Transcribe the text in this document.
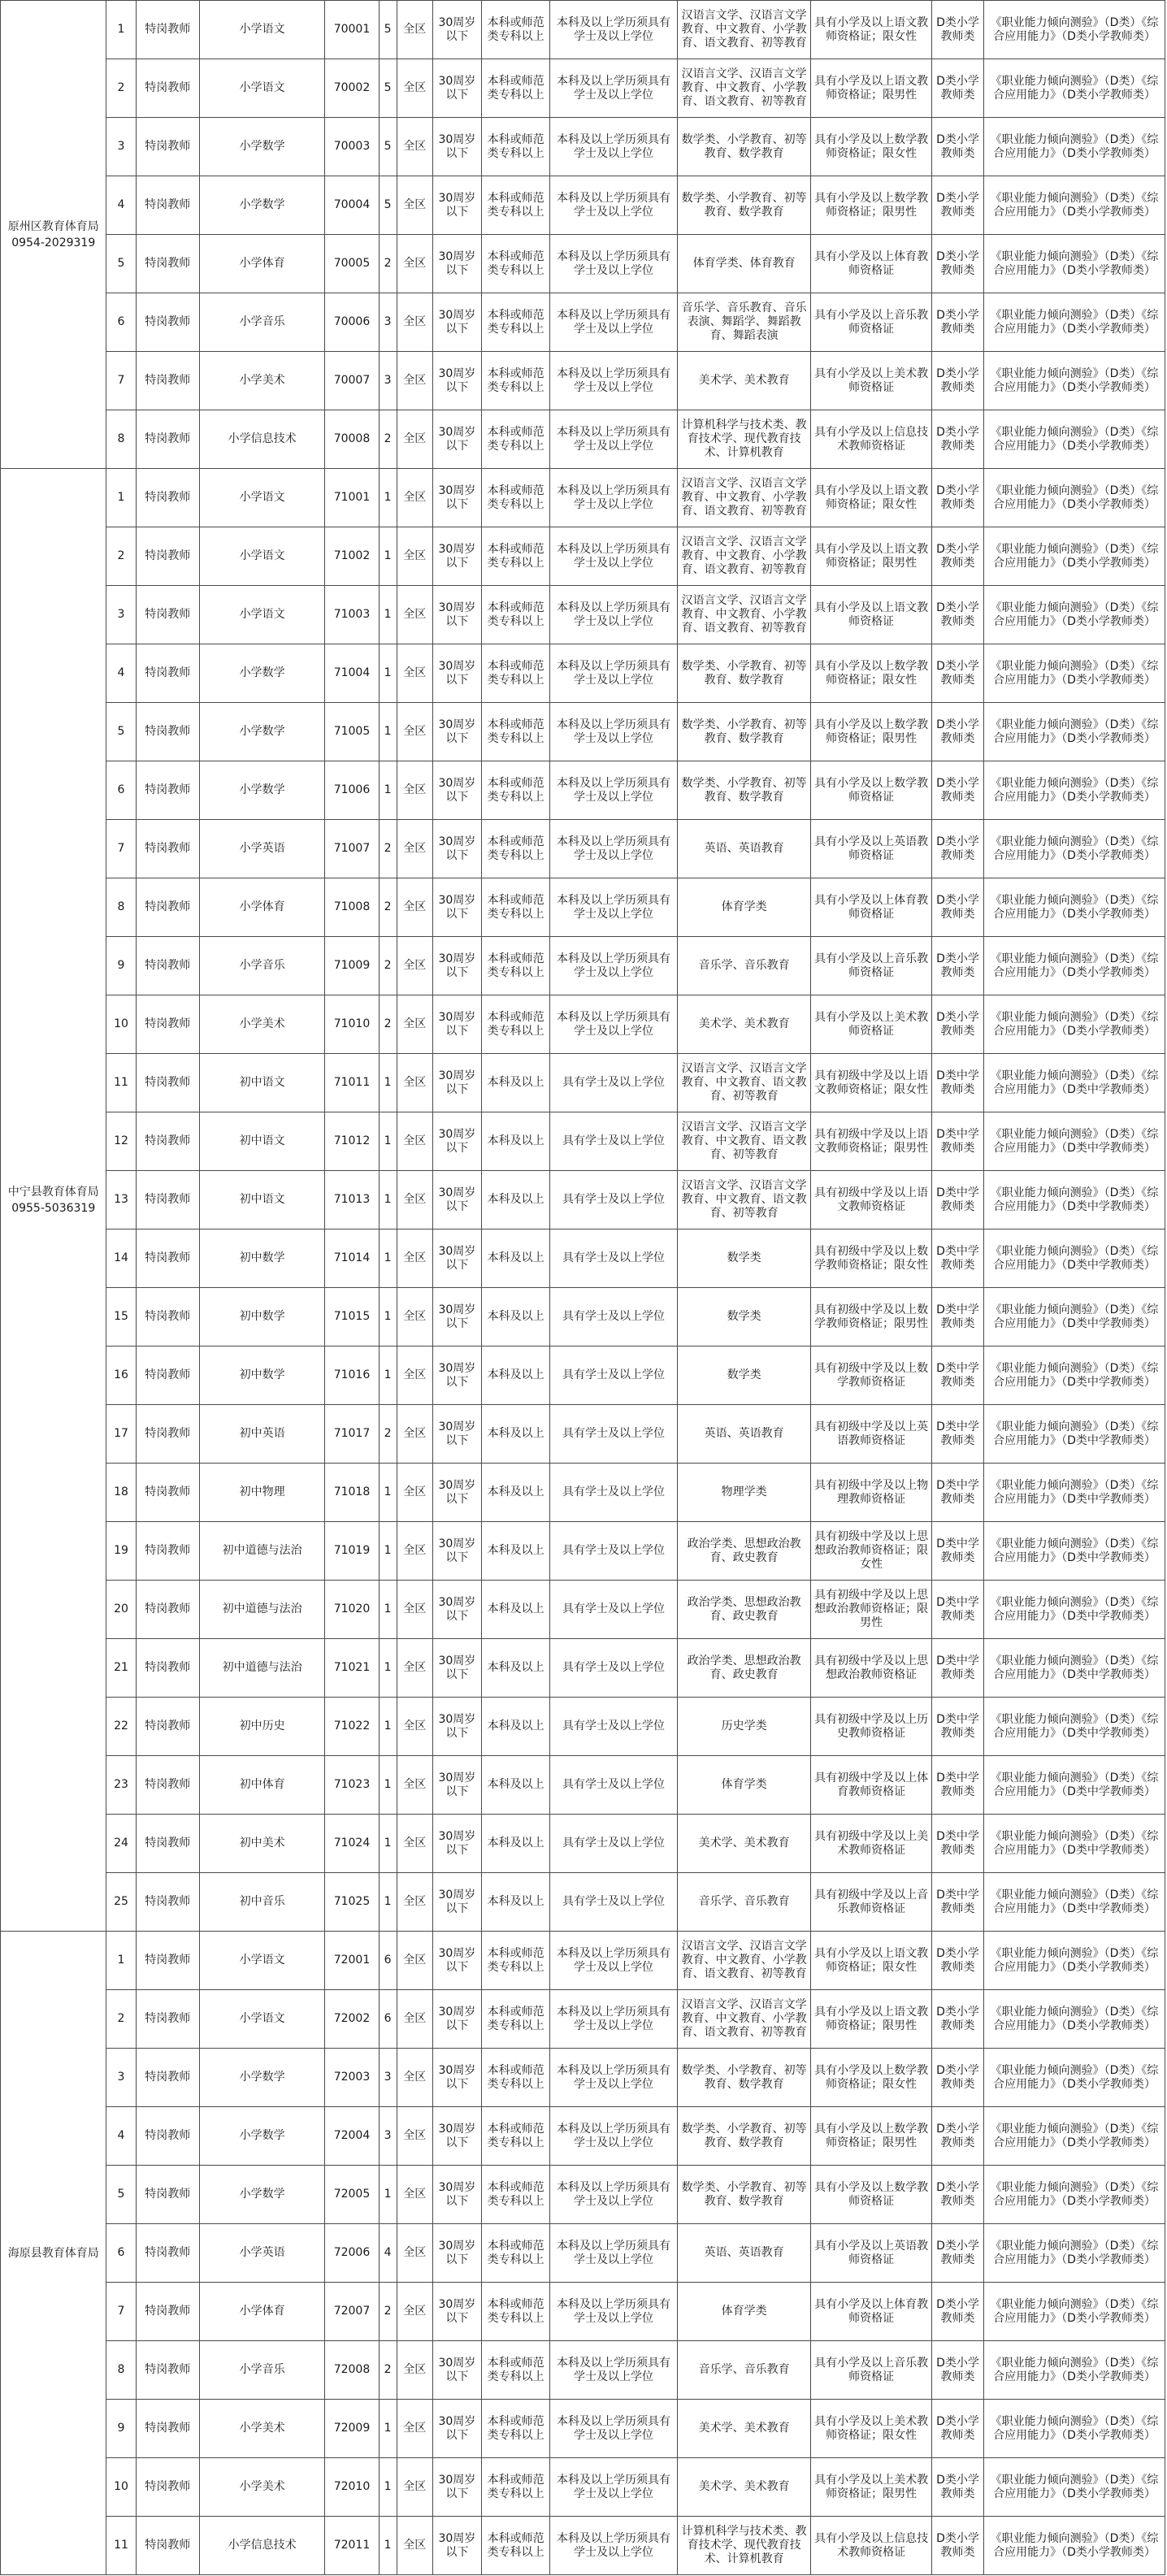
原州区教育体育局
0954-2029319	1	特岗教师	小学语文	70001	5	全区	30周岁以下	本科或师范类专科以上	本科及以上学历须具有学士及以上学位	汉语言文学、汉语言文学教育、中文教育、小学教育、语文教育、初等教育	具有小学及以上语文教师资格证；限女性	D类小学教师类	《职业能力倾向测验》（D类）《综合应用能力》（D类小学教师类）
	2	特岗教师	小学语文	70002	5	全区	30周岁以下	本科或师范类专科以上	本科及以上学历须具有学士及以上学位	汉语言文学、汉语言文学教育、中文教育、小学教育、语文教育、初等教育	具有小学及以上语文教师资格证；限男性	D类小学教师类	《职业能力倾向测验》（D类）《综合应用能力》（D类小学教师类）
	3	特岗教师	小学数学	70003	5	全区	30周岁以下	本科或师范类专科以上	本科及以上学历须具有学士及以上学位	数学类、小学教育、初等教育、数学教育	具有小学及以上数学教师资格证；限女性	D类小学教师类	《职业能力倾向测验》（D类）《综合应用能力》（D类小学教师类）
	4	特岗教师	小学数学	70004	5	全区	30周岁以下	本科或师范类专科以上	本科及以上学历须具有学士及以上学位	数学类、小学教育、初等教育、数学教育	具有小学及以上数学教师资格证；限男性	D类小学教师类	《职业能力倾向测验》（D类）《综合应用能力》（D类小学教师类）
	5	特岗教师	小学体育	70005	2	全区	30周岁以下	本科或师范类专科以上	本科及以上学历须具有学士及以上学位	体育学类、体育教育	具有小学及以上体育教师资格证	D类小学教师类	《职业能力倾向测验》（D类）《综合应用能力》（D类小学教师类）
	6	特岗教师	小学音乐	70006	3	全区	30周岁以下	本科或师范类专科以上	本科及以上学历须具有学士及以上学位	音乐学、音乐教育、音乐表演、舞蹈学、舞蹈教育、舞蹈表演	具有小学及以上音乐教师资格证	D类小学教师类	《职业能力倾向测验》（D类）《综合应用能力》（D类小学教师类）
	7	特岗教师	小学美术	70007	3	全区	30周岁以下	本科或师范类专科以上	本科及以上学历须具有学士及以上学位	美术学、美术教育	具有小学及以上美术教师资格证	D类小学教师类	《职业能力倾向测验》（D类）《综合应用能力》（D类小学教师类）
	8	特岗教师	小学信息技术	70008	2	全区	30周岁以下	本科或师范类专科以上	本科及以上学历须具有学士及以上学位	计算机科学与技术类、教育技术学、现代教育技术、计算机教育	具有小学及以上信息技术教师资格证	D类小学教师类	《职业能力倾向测验》（D类）《综合应用能力》（D类小学教师类）

中宁县教育体育局
0955-5036319	1	特岗教师	小学语文	71001	1	全区	30周岁以下	本科或师范类专科以上	本科及以上学历须具有学士及以上学位	汉语言文学、汉语言文学教育、中文教育、小学教育、语文教育、初等教育	具有小学及以上语文教师资格证；限女性	D类小学教师类	《职业能力倾向测验》（D类）《综合应用能力》（D类小学教师类）
	2	特岗教师	小学语文	71002	1	全区	30周岁以下	本科或师范类专科以上	本科及以上学历须具有学士及以上学位	汉语言文学、汉语言文学教育、中文教育、小学教育、语文教育、初等教育	具有小学及以上语文教师资格证；限男性	D类小学教师类	《职业能力倾向测验》（D类）《综合应用能力》（D类小学教师类）
	3	特岗教师	小学语文	71003	1	全区	30周岁以下	本科或师范类专科以上	本科及以上学历须具有学士及以上学位	汉语言文学、汉语言文学教育、中文教育、小学教育、语文教育、初等教育	具有小学及以上语文教师资格证	D类小学教师类	《职业能力倾向测验》（D类）《综合应用能力》（D类小学教师类）
	4	特岗教师	小学数学	71004	1	全区	30周岁以下	本科或师范类专科以上	本科及以上学历须具有学士及以上学位	数学类、小学教育、初等教育、数学教育	具有小学及以上数学教师资格证；限女性	D类小学教师类	《职业能力倾向测验》（D类）《综合应用能力》（D类小学教师类）
	5	特岗教师	小学数学	71005	1	全区	30周岁以下	本科或师范类专科以上	本科及以上学历须具有学士及以上学位	数学类、小学教育、初等教育、数学教育	具有小学及以上数学教师资格证；限男性	D类小学教师类	《职业能力倾向测验》（D类）《综合应用能力》（D类小学教师类）
	6	特岗教师	小学数学	71006	1	全区	30周岁以下	本科或师范类专科以上	本科及以上学历须具有学士及以上学位	数学类、小学教育、初等教育、数学教育	具有小学及以上数学教师资格证	D类小学教师类	《职业能力倾向测验》（D类）《综合应用能力》（D类小学教师类）
	7	特岗教师	小学英语	71007	2	全区	30周岁以下	本科或师范类专科以上	本科及以上学历须具有学士及以上学位	英语、英语教育	具有小学及以上英语教师资格证	D类小学教师类	《职业能力倾向测验》（D类）《综合应用能力》（D类小学教师类）
	8	特岗教师	小学体育	71008	2	全区	30周岁以下	本科或师范类专科以上	本科及以上学历须具有学士及以上学位	体育学类	具有小学及以上体育教师资格证	D类小学教师类	《职业能力倾向测验》（D类）《综合应用能力》（D类小学教师类）
	9	特岗教师	小学音乐	71009	2	全区	30周岁以下	本科或师范类专科以上	本科及以上学历须具有学士及以上学位	音乐学、音乐教育	具有小学及以上音乐教师资格证	D类小学教师类	《职业能力倾向测验》（D类）《综合应用能力》（D类小学教师类）
	10	特岗教师	小学美术	71010	2	全区	30周岁以下	本科或师范类专科以上	本科及以上学历须具有学士及以上学位	美术学、美术教育	具有小学及以上美术教师资格证	D类小学教师类	《职业能力倾向测验》（D类）《综合应用能力》（D类小学教师类）
	11	特岗教师	初中语文	71011	1	全区	30周岁以下	本科及以上	具有学士及以上学位	汉语言文学、汉语言文学教育、中文教育、语文教育、初等教育	具有初级中学及以上语文教师资格证；限女性	D类中学教师类	《职业能力倾向测验》（D类）《综合应用能力》（D类中学教师类）
	12	特岗教师	初中语文	71012	1	全区	30周岁以下	本科及以上	具有学士及以上学位	汉语言文学、汉语言文学教育、中文教育、语文教育、初等教育	具有初级中学及以上语文教师资格证；限男性	D类中学教师类	《职业能力倾向测验》（D类）《综合应用能力》（D类中学教师类）
	13	特岗教师	初中语文	71013	1	全区	30周岁以下	本科及以上	具有学士及以上学位	汉语言文学、汉语言文学教育、中文教育、语文教育、初等教育	具有初级中学及以上语文教师资格证	D类中学教师类	《职业能力倾向测验》（D类）《综合应用能力》（D类中学教师类）
	14	特岗教师	初中数学	71014	1	全区	30周岁以下	本科及以上	具有学士及以上学位	数学类	具有初级中学及以上数学教师资格证；限女性	D类中学教师类	《职业能力倾向测验》（D类）《综合应用能力》（D类中学教师类）
	15	特岗教师	初中数学	71015	1	全区	30周岁以下	本科及以上	具有学士及以上学位	数学类	具有初级中学及以上数学教师资格证；限男性	D类中学教师类	《职业能力倾向测验》（D类）《综合应用能力》（D类中学教师类）
	16	特岗教师	初中数学	71016	1	全区	30周岁以下	本科及以上	具有学士及以上学位	数学类	具有初级中学及以上数学教师资格证	D类中学教师类	《职业能力倾向测验》（D类）《综合应用能力》（D类中学教师类）
	17	特岗教师	初中英语	71017	2	全区	30周岁以下	本科及以上	具有学士及以上学位	英语、英语教育	具有初级中学及以上英语教师资格证	D类中学教师类	《职业能力倾向测验》（D类）《综合应用能力》（D类中学教师类）
	18	特岗教师	初中物理	71018	1	全区	30周岁以下	本科及以上	具有学士及以上学位	物理学类	具有初级中学及以上物理教师资格证	D类中学教师类	《职业能力倾向测验》（D类）《综合应用能力》（D类中学教师类）
	19	特岗教师	初中道德与法治	71019	1	全区	30周岁以下	本科及以上	具有学士及以上学位	政治学类、思想政治教育、政史教育	具有初级中学及以上思想政治教师资格证；限女性	D类中学教师类	《职业能力倾向测验》（D类）《综合应用能力》（D类中学教师类）
	20	特岗教师	初中道德与法治	71020	1	全区	30周岁以下	本科及以上	具有学士及以上学位	政治学类、思想政治教育、政史教育	具有初级中学及以上思想政治教师资格证；限男性	D类中学教师类	《职业能力倾向测验》（D类）《综合应用能力》（D类中学教师类）
	21	特岗教师	初中道德与法治	71021	1	全区	30周岁以下	本科及以上	具有学士及以上学位	政治学类、思想政治教育、政史教育	具有初级中学及以上思想政治教师资格证	D类中学教师类	《职业能力倾向测验》（D类）《综合应用能力》（D类中学教师类）
	22	特岗教师	初中历史	71022	1	全区	30周岁以下	本科及以上	具有学士及以上学位	历史学类	具有初级中学及以上历史教师资格证	D类中学教师类	《职业能力倾向测验》（D类）《综合应用能力》（D类中学教师类）
	23	特岗教师	初中体育	71023	1	全区	30周岁以下	本科及以上	具有学士及以上学位	体育学类	具有初级中学及以上体育教师资格证	D类中学教师类	《职业能力倾向测验》（D类）《综合应用能力》（D类中学教师类）
	24	特岗教师	初中美术	71024	1	全区	30周岁以下	本科及以上	具有学士及以上学位	美术学、美术教育	具有初级中学及以上美术教师资格证	D类中学教师类	《职业能力倾向测验》（D类）《综合应用能力》（D类中学教师类）
	25	特岗教师	初中音乐	71025	1	全区	30周岁以下	本科及以上	具有学士及以上学位	音乐学、音乐教育	具有初级中学及以上音乐教师资格证	D类中学教师类	《职业能力倾向测验》（D类）《综合应用能力》（D类中学教师类）

海原县教育体育局	1	特岗教师	小学语文	72001	6	全区	30周岁以下	本科或师范类专科以上	本科及以上学历须具有学士及以上学位	汉语言文学、汉语言文学教育、中文教育、小学教育、语文教育、初等教育	具有小学及以上语文教师资格证；限女性	D类小学教师类	《职业能力倾向测验》（D类）《综合应用能力》（D类小学教师类）
	2	特岗教师	小学语文	72002	6	全区	30周岁以下	本科或师范类专科以上	本科及以上学历须具有学士及以上学位	汉语言文学、汉语言文学教育、中文教育、小学教育、语文教育、初等教育	具有小学及以上语文教师资格证；限男性	D类小学教师类	《职业能力倾向测验》（D类）《综合应用能力》（D类小学教师类）
	3	特岗教师	小学数学	72003	3	全区	30周岁以下	本科或师范类专科以上	本科及以上学历须具有学士及以上学位	数学类、小学教育、初等教育、数学教育	具有小学及以上数学教师资格证；限女性	D类小学教师类	《职业能力倾向测验》（D类）《综合应用能力》（D类小学教师类）
	4	特岗教师	小学数学	72004	3	全区	30周岁以下	本科或师范类专科以上	本科及以上学历须具有学士及以上学位	数学类、小学教育、初等教育、数学教育	具有小学及以上数学教师资格证；限男性	D类小学教师类	《职业能力倾向测验》（D类）《综合应用能力》（D类小学教师类）
	5	特岗教师	小学数学	72005	1	全区	30周岁以下	本科或师范类专科以上	本科及以上学历须具有学士及以上学位	数学类、小学教育、初等教育、数学教育	具有小学及以上数学教师资格证	D类小学教师类	《职业能力倾向测验》（D类）《综合应用能力》（D类小学教师类）
	6	特岗教师	小学英语	72006	4	全区	30周岁以下	本科或师范类专科以上	本科及以上学历须具有学士及以上学位	英语、英语教育	具有小学及以上英语教师资格证	D类小学教师类	《职业能力倾向测验》（D类）《综合应用能力》（D类小学教师类）
	7	特岗教师	小学体育	72007	2	全区	30周岁以下	本科或师范类专科以上	本科及以上学历须具有学士及以上学位	体育学类	具有小学及以上体育教师资格证	D类小学教师类	《职业能力倾向测验》（D类）《综合应用能力》（D类小学教师类）
	8	特岗教师	小学音乐	72008	2	全区	30周岁以下	本科或师范类专科以上	本科及以上学历须具有学士及以上学位	音乐学、音乐教育	具有小学及以上音乐教师资格证	D类小学教师类	《职业能力倾向测验》（D类）《综合应用能力》（D类小学教师类）
	9	特岗教师	小学美术	72009	1	全区	30周岁以下	本科或师范类专科以上	本科及以上学历须具有学士及以上学位	美术学、美术教育	具有小学及以上美术教师资格证；限女性	D类小学教师类	《职业能力倾向测验》（D类）《综合应用能力》（D类小学教师类）
	10	特岗教师	小学美术	72010	1	全区	30周岁以下	本科或师范类专科以上	本科及以上学历须具有学士及以上学位	美术学、美术教育	具有小学及以上美术教师资格证；限男性	D类小学教师类	《职业能力倾向测验》（D类）《综合应用能力》（D类小学教师类）
	11	特岗教师	小学信息技术	72011	1	全区	30周岁以下	本科或师范类专科以上	本科及以上学历须具有学士及以上学位	计算机科学与技术类、教育技术学、现代教育技术、计算机教育	具有小学及以上信息技术教师资格证	D类小学教师类	《职业能力倾向测验》（D类）《综合应用能力》（D类小学教师类）
